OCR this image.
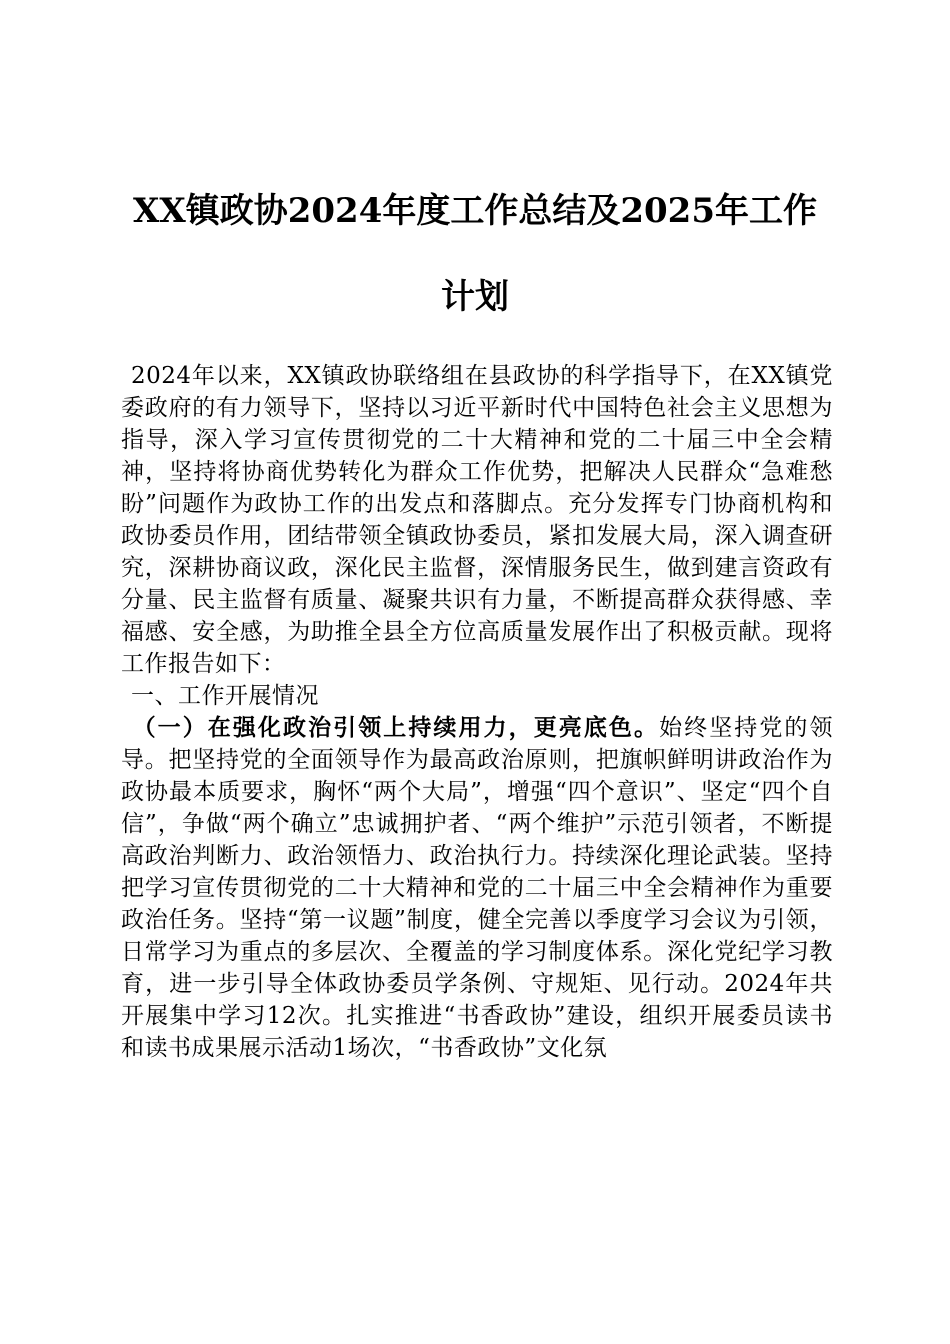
XX镇政协2024年度工作总结及2025年工作
计划

2024年以来，XX镇政协联络组在县政协的科学指导下，在XX镇党委政府的有力领导下，坚持以习近平新时代中国特色社会主义思想为指导，深入学习宣传贯彻党的二十大精神和党的二十届三中全会精神，坚持将协商优势转化为群众工作优势，把解决人民群众“急难愁盼”问题作为政协工作的出发点和落脚点。充分发挥专门协商机构和政协委员作用，团结带领全镇政协委员，紧扣发展大局，深入调查研究，深耕协商议政，深化民主监督，深情服务民生，做到建言资政有分量、民主监督有质量、凝聚共识有力量，不断提高群众获得感、幸福感、安全感，为助推全县全方位高质量发展作出了积极贡献。现将工作报告如下：

一、工作开展情况

（一）在强化政治引领上持续用力，更亮底色。始终坚持党的领导。把坚持党的全面领导作为最高政治原则，把旗帜鲜明讲政治作为政协最本质要求，胸怀“两个大局”，增强“四个意识”、坚定“四个自信”，争做“两个确立”忠诚拥护者、“两个维护”示范引领者，不断提高政治判断力、政治领悟力、政治执行力。持续深化理论武装。坚持把学习宣传贯彻党的二十大精神和党的二十届三中全会精神作为重要政治任务。坚持“第一议题”制度，健全完善以季度学习会议为引领，日常学习为重点的多层次、全覆盖的学习制度体系。深化党纪学习教育，进一步引导全体政协委员学条例、守规矩、见行动。2024年共开展集中学习12次。扎实推进“书香政协”建设，组织开展委员读书和读书成果展示活动1场次，“书香政协”文化氛
